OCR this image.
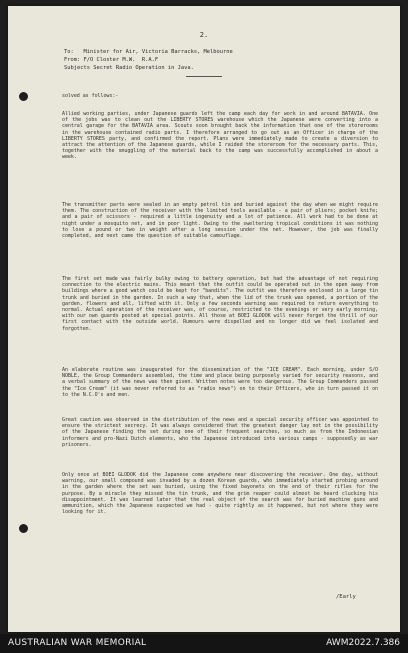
2.
To:   Minister for Air, Victoria Barracks, Melbourne
From: F/O Closter M.W.  R.A.F
Subjects Secret Radio Operation in Java.
solved as follows:-
Allied working parties, under Japanese guards left the camp each day for work in and around BATAVIA. One of the jobs was to clean out the LIBERTY STORES warehouse which the Japanese were converting into a central garage for the BATAVIA area. Scouts soon brought back the information that one of the storerooms in the warehouse contained radio parts. I therefore arranged to go out as an Officer in charge of the LIBERTY STORES party, and confirmed the report. Plans were immediately made to create a diversion to attract the attention of the Japanese guards, while I raided the storeroom for the necessary parts. This, together with the smuggling of the material back to the camp was successfully accomplished in about a week.
The transmitter parts were sealed in an empty petrol tin and buried against the day when we might require them. The construction of the receiver with the limited tools available - a pair of pliers; pocket knife; and a pair of scissors - required a little ingenuity and a lot of patience. All work had to be done at night under a mosquito net, and in poor light. Owing to the sweltering tropical conditions it was nothing to lose a pound or two in weight after a long session under the net. However, the job was finally completed, and next came the question of suitable camouflage.
The first set made was fairly bulky owing to battery operation, but had the advantage of not requiring connection to the electric mains. This meant that the outfit could be operated out in the open away from buildings where a good watch could be kept for "bandits". The outfit was therefore enclosed in a large tin trunk and buried in the garden. In such a way that, when the lid of the trunk was opened, a portion of the garden, flowers and all, lifted with it. Only a few seconds warning was required to return everything to normal. Actual operation of the receiver was, of course, restricted to the evenings or very early morning, with our own guards posted at special points. All those at BOEI GLODOK will never forget the thrill of our first contact with the outside world. Rumours were dispelled and no longer did we feel isolated and forgotten.
An elaborate routine was inaugurated for the dissemination of the "ICE CREAM". Each morning, under S/O NOBLE, the Group Commanders assembled, the time and place being purposely varied for security reasons, and a verbal summary of the news was then given. Written notes were too dangerous. The Group Commanders passed the "Ice Cream" (it was never referred to as "radio news") on to their Officers, who in turn passed it on to the N.C.O's and men.
Great caution was observed in the distribution of the news and a special security officer was appointed to ensure the strictest secrecy. It was always considered that the greatest danger lay not in the possibility of the Japanese finding the set during one of their frequent searches, so much as from the Indonesian informers and pro-Nazi Dutch elements, who the Japanese introduced into various camps - supposedly as war prisoners.
Only once at BOEI GLODOK did the Japanese come anywhere near discovering the receiver. One day, without warning, our small compound was invaded by a dozen Korean guards, who immediately started probing around in the garden where the set was buried, using the fixed bayonets on the end of their rifles for the purpose. By a miracle they missed the tin trunk, and the grim reaper could almost be heard clucking his disappointment. It was learned later that the real object of the search was for buried machine guns and ammunition, which the Japanese suspected we had - quite rightly as it happened, but not where they were looking for it.
/Early
AUSTRALIAN WAR MEMORIAL	AWM2022.7.386
